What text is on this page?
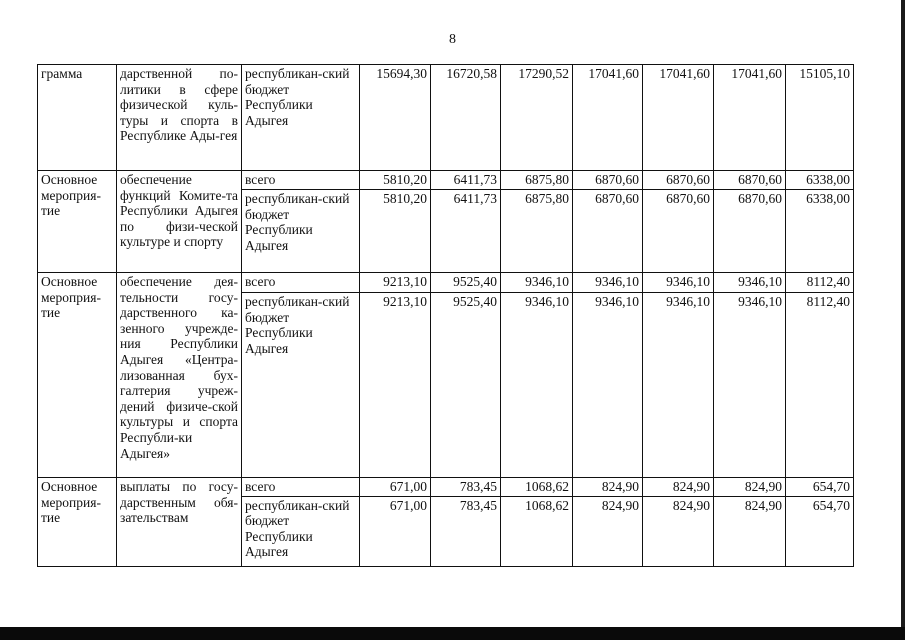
8
грамма	дарственной по-литики в сфере физической куль-туры и спорта в Республике Ады-гея	республикан-ский бюджет Республики Адыгея	15694,30	16720,58	17290,52	17041,60	17041,60	17041,60	15105,10
Основное мероприя-тие	обеспечение функций Комите-та Республики Адыгея по физи-ческой культуре и спорту	всего	5810,20	6411,73	6875,80	6870,60	6870,60	6870,60	6338,00
		республикан-ский бюджет Республики Адыгея	5810,20	6411,73	6875,80	6870,60	6870,60	6870,60	6338,00
Основное мероприя-тие	обеспечение дея-тельности госу-дарственного ка-зенного учрежде-ния Республики Адыгея «Центра-лизованная бух-галтерия учреж-дений физиче-ской культуры и спорта Республи-ки Адыгея»	всего	9213,10	9525,40	9346,10	9346,10	9346,10	9346,10	8112,40
		республикан-ский бюджет Республики Адыгея	9213,10	9525,40	9346,10	9346,10	9346,10	9346,10	8112,40
Основное мероприя-тие	выплаты по госу-дарственным обя-зательствам	всего	671,00	783,45	1068,62	824,90	824,90	824,90	654,70
		республикан-ский бюджет Республики Адыгея	671,00	783,45	1068,62	824,90	824,90	824,90	654,70
